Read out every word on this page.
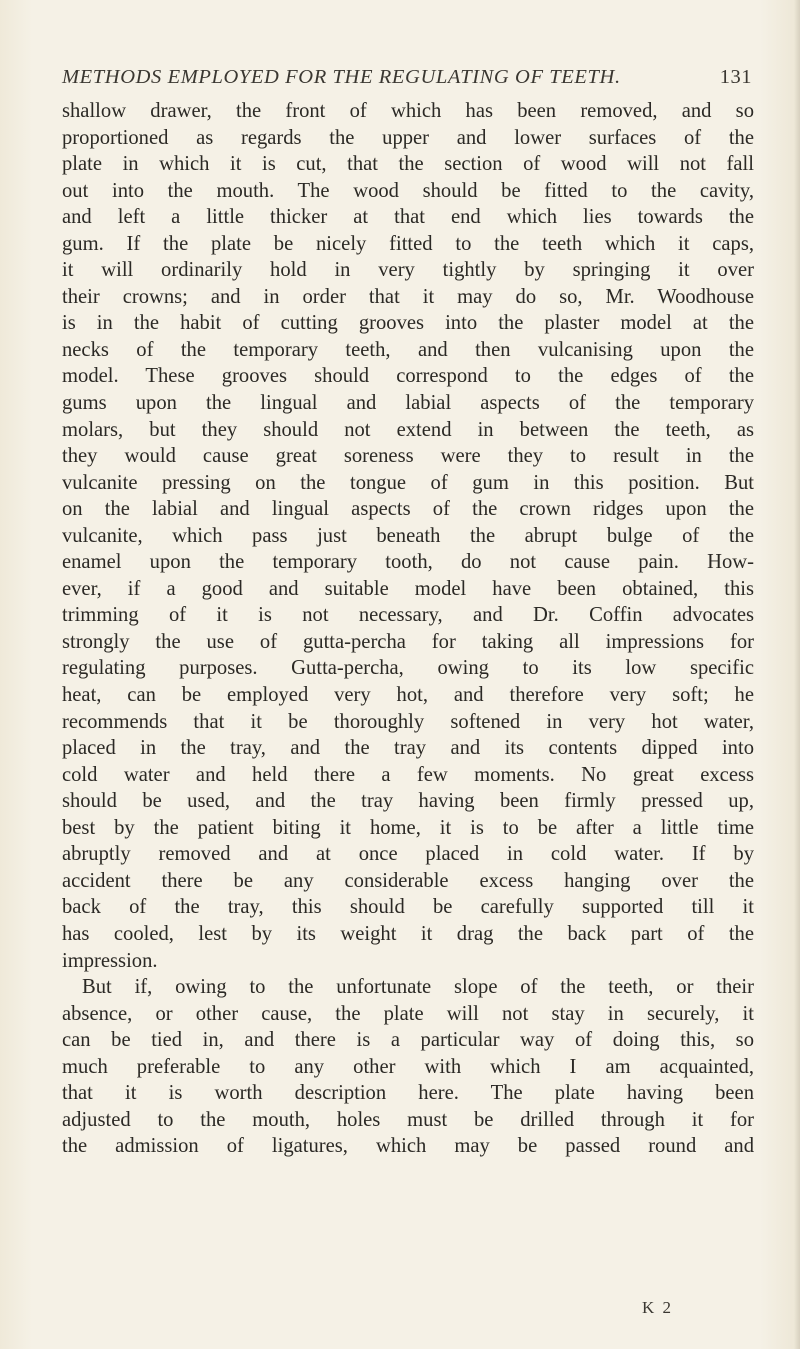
METHODS EMPLOYED FOR THE REGULATING OF TEETH.	131
shallow drawer, the front of which has been removed, and so
proportioned as regards the upper and lower surfaces of the
plate in which it is cut, that the section of wood will not fall
out into the mouth. The wood should be fitted to the cavity,
and left a little thicker at that end which lies towards the
gum. If the plate be nicely fitted to the teeth which it caps,
it will ordinarily hold in very tightly by springing it over
their crowns; and in order that it may do so, Mr. Woodhouse
is in the habit of cutting grooves into the plaster model at the
necks of the temporary teeth, and then vulcanising upon the
model. These grooves should correspond to the edges of the
gums upon the lingual and labial aspects of the temporary
molars, but they should not extend in between the teeth, as
they would cause great soreness were they to result in the
vulcanite pressing on the tongue of gum in this position. But
on the labial and lingual aspects of the crown ridges upon the
vulcanite, which pass just beneath the abrupt bulge of the
enamel upon the temporary tooth, do not cause pain. How-
ever, if a good and suitable model have been obtained, this
trimming of it is not necessary, and Dr. Coffin advocates
strongly the use of gutta-percha for taking all impressions for
regulating purposes. Gutta-percha, owing to its low specific
heat, can be employed very hot, and therefore very soft; he
recommends that it be thoroughly softened in very hot water,
placed in the tray, and the tray and its contents dipped into
cold water and held there a few moments. No great excess
should be used, and the tray having been firmly pressed up,
best by the patient biting it home, it is to be after a little time
abruptly removed and at once placed in cold water. If by
accident there be any considerable excess hanging over the
back of the tray, this should be carefully supported till it
has cooled, lest by its weight it drag the back part of the
impression.
But if, owing to the unfortunate slope of the teeth, or their
absence, or other cause, the plate will not stay in securely, it
can be tied in, and there is a particular way of doing this, so
much preferable to any other with which I am acquainted,
that it is worth description here. The plate having been
adjusted to the mouth, holes must be drilled through it for
the admission of ligatures, which may be passed round and
K 2
